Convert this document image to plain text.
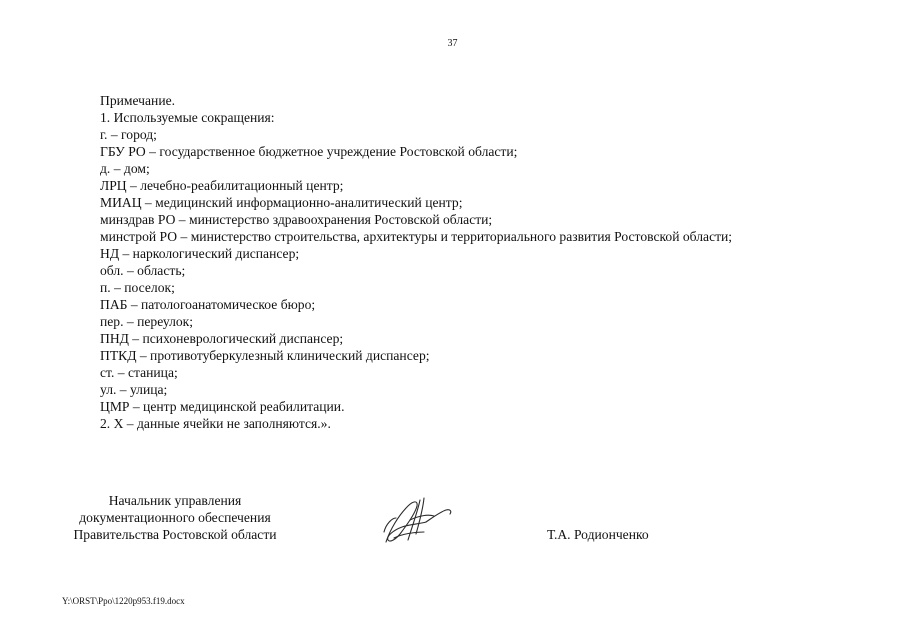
37
Примечание.
1. Используемые сокращения:
г. – город;
ГБУ РО – государственное бюджетное учреждение Ростовской области;
д. – дом;
ЛРЦ – лечебно-реабилитационный центр;
МИАЦ – медицинский информационно-аналитический центр;
минздрав РО – министерство здравоохранения Ростовской области;
минстрой РО – министерство строительства, архитектуры и территориального развития Ростовской области;
НД – наркологический диспансер;
обл. – область;
п. – поселок;
ПАБ – патологоанатомическое бюро;
пер. – переулок;
ПНД – психоневрологический диспансер;
ПТКД – противотуберкулезный клинический диспансер;
ст. – станица;
ул. – улица;
ЦМР – центр медицинской реабилитации.
2. Х – данные ячейки не заполняются.».
Начальник управления
документационного обеспечения
Правительства Ростовской области	Т.А. Родионченко
Y:\ORST\Ppo\1220p953.f19.docx
